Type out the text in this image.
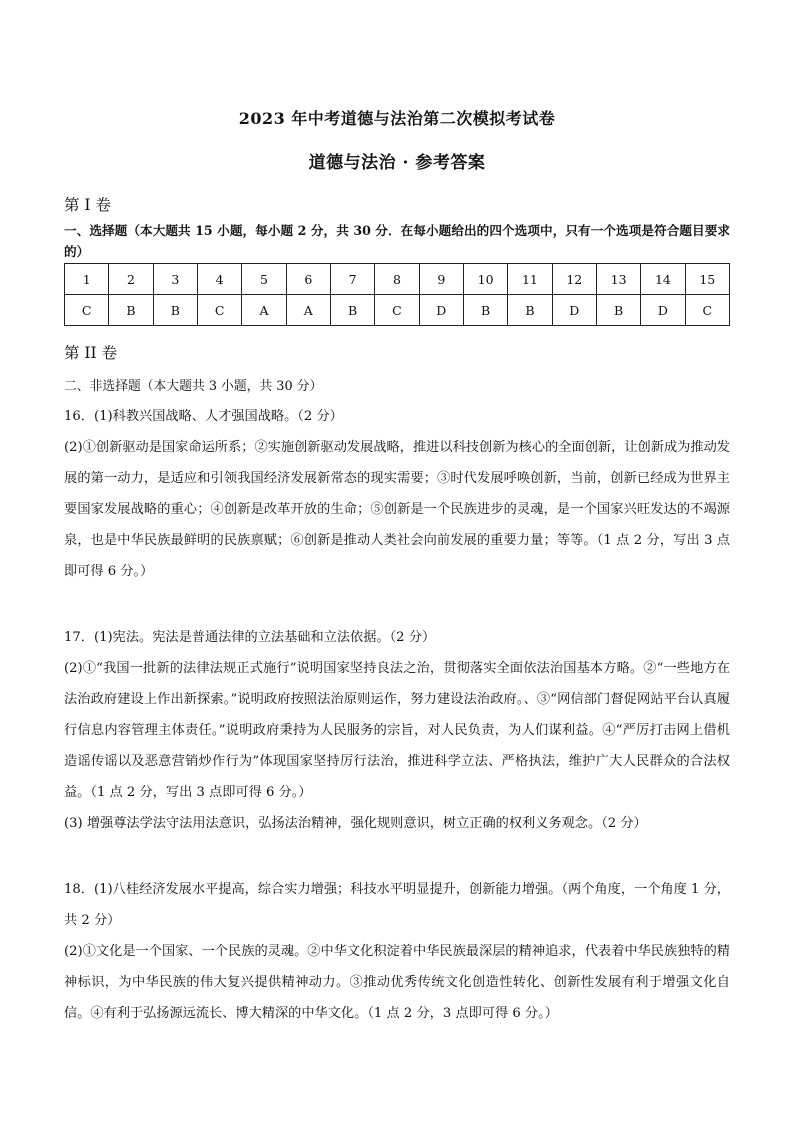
2023 年中考道德与法治第二次模拟考试卷
道德与法治 · 参考答案
第 I 卷
一、选择题（本大题共 15 小题，每小题 2 分，共 30 分．在每小题给出的四个选项中，只有一个选项是符合题目要求的）
1	2	3	4	5	6	7	8	9	10	11	12	13	14	15
C	B	B	C	A	A	B	C	D	B	B	D	B	D	C
第 II 卷
二、非选择题（本大题共 3 小题，共 30 分）
16．(1)科教兴国战略、人才强国战略。（2 分）
(2)①创新驱动是国家命运所系；②实施创新驱动发展战略，推进以科技创新为核心的全面创新，让创新成为推动发展的第一动力，是适应和引领我国经济发展新常态的现实需要；③时代发展呼唤创新，当前，创新已经成为世界主要国家发展战略的重心；④创新是改革开放的生命；⑤创新是一个民族进步的灵魂，是一个国家兴旺发达的不竭源泉，也是中华民族最鲜明的民族禀赋；⑥创新是推动人类社会向前发展的重要力量；等等。（1 点 2 分，写出 3 点即可得 6 分。）
17．(1)宪法。宪法是普通法律的立法基础和立法依据。（2 分）
(2)①“我国一批新的法律法规正式施行”说明国家坚持良法之治，贯彻落实全面依法治国基本方略。②“一些地方在法治政府建设上作出新探索。”说明政府按照法治原则运作，努力建设法治政府。、③“网信部门督促网站平台认真履行信息内容管理主体责任。”说明政府秉持为人民服务的宗旨，对人民负责，为人们谋利益。④“严厉打击网上借机造谣传谣以及恶意营销炒作行为”体现国家坚持厉行法治，推进科学立法、严格执法，维护广大人民群众的合法权益。（1 点 2 分，写出 3 点即可得 6 分。）
(3) 增强尊法学法守法用法意识，弘扬法治精神，强化规则意识，树立正确的权利义务观念。（2 分）
18．(1)八桂经济发展水平提高，综合实力增强；科技水平明显提升，创新能力增强。（两个角度，一个角度 1 分，共 2 分）
(2)①文化是一个国家、一个民族的灵魂。②中华文化积淀着中华民族最深层的精神追求，代表着中华民族独特的精神标识，为中华民族的伟大复兴提供精神动力。③推动优秀传统文化创造性转化、创新性发展有利于增强文化自信。④有利于弘扬源远流长、博大精深的中华文化。（1 点 2 分，3 点即可得 6 分。）
